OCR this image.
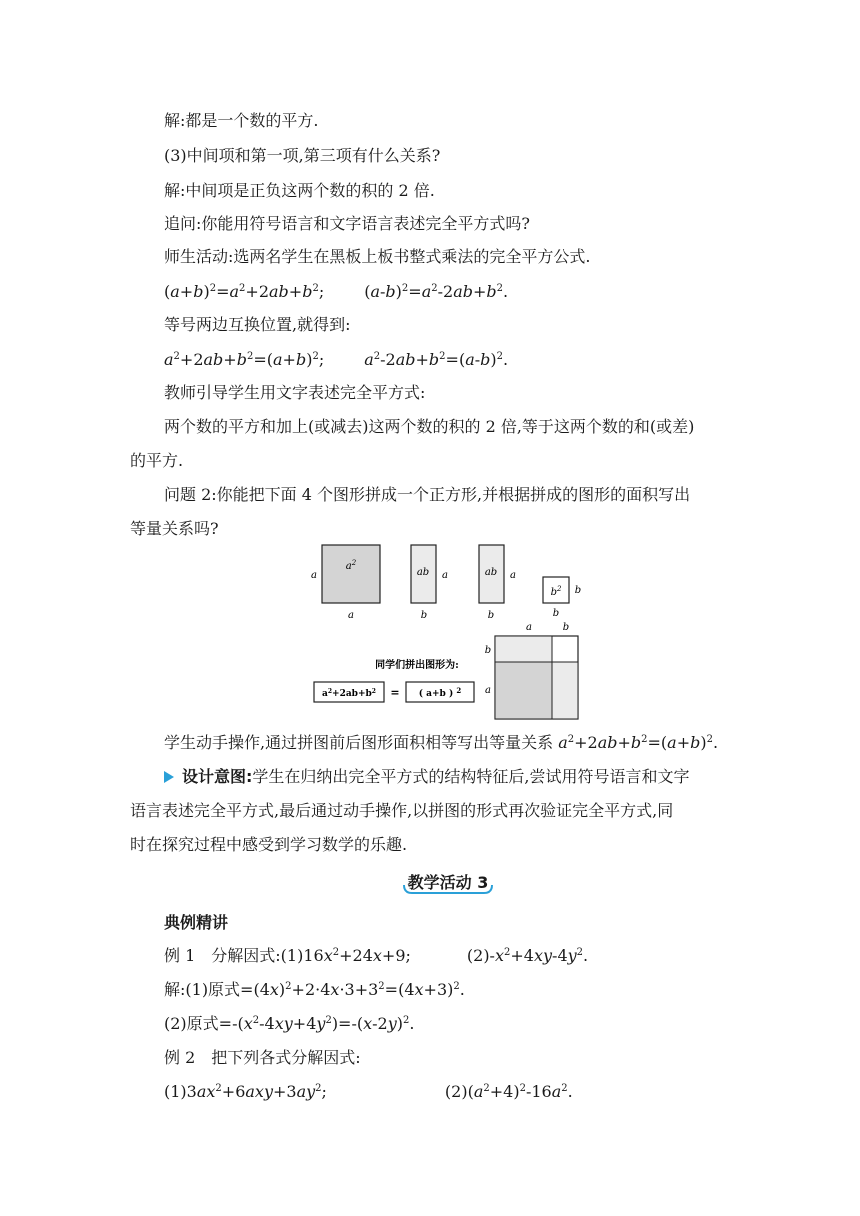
解:都是一个数的平方.
(3)中间项和第一项,第三项有什么关系?
解:中间项是正负这两个数的积的 2 倍.
追问:你能用符号语言和文字语言表述完全平方式吗?
师生活动:选两名学生在黑板上板书整式乘法的完全平方公式.
$(a+b)^2=a^2+2ab+b^2$;	$(a-b)^2=a^2-2ab+b^2$.
等号两边互换位置,就得到:
$a^2+2ab+b^2=(a+b)^2$;	$a^2-2ab+b^2=(a-b)^2$.
教师引导学生用文字表述完全平方式:
两个数的平方和加上(或减去)这两个数的积的 2 倍,等于这两个数的和(或差)
的平方.
问题 2:你能把下面 4 个图形拼成一个正方形,并根据拼成的图形的面积写出
等量关系吗?
$a^2$
a
a
ab a
b
ab a
b
$b^2$ b
b
a	b
b
a
同学们拼出图形为:
$a^2+2ab+b^2$ = ( a+b ) $^2$
学生动手操作,通过拼图前后图形面积相等写出等量关系 $a^2+2ab+b^2=(a+b)^2$.
设计意图:学生在归纳出完全平方式的结构特征后,尝试用符号语言和文字
语言表述完全平方式,最后通过动手操作,以拼图的形式再次验证完全平方式,同
时在探究过程中感受到学习数学的乐趣.
教学活动 3
典例精讲
例 1　分解因式$:(1)16x^2+24x+9$;	$(2)-x^2+4xy-4y^2$.
解:(1)原式$=(4x)^2+2\cdot 4x\cdot 3+3^2=(4x+3)^2$.
(2)原式$=-(x^2-4xy+4y^2)=-(x-2y)^2$.
例 2　把下列各式分解因式:
$(1)3ax^2+6axy+3ay^2$;	$(2)(a^2+4)^2-16a^2$.
